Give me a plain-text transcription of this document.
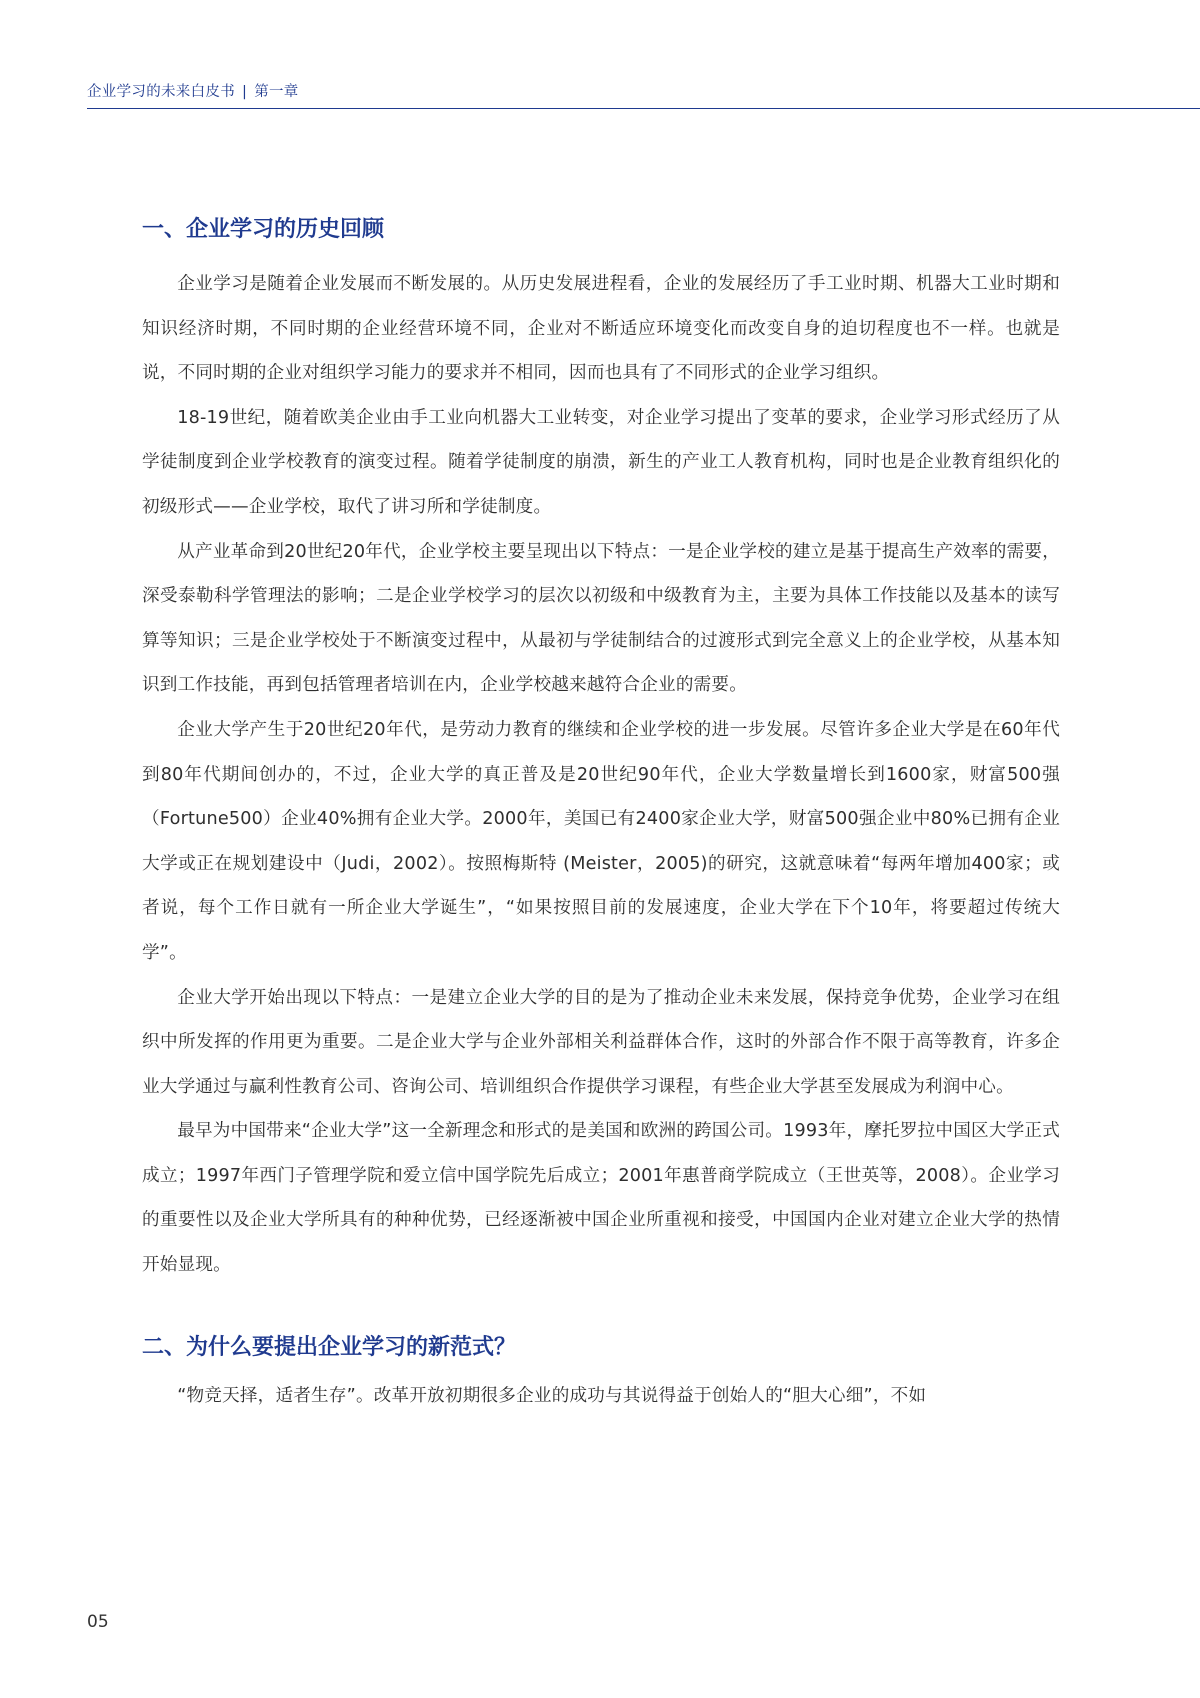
企业学习的未来白皮书 | 第一章
一、企业学习的历史回顾

企业学习是随着企业发展而不断发展的。从历史发展进程看，企业的发展经历了手工业时期、机器大工业时期和知识经济时期，不同时期的企业经营环境不同，企业对不断适应环境变化而改变自身的迫切程度也不一样。也就是说，不同时期的企业对组织学习能力的要求并不相同，因而也具有了不同形式的企业学习组织。

18-19世纪，随着欧美企业由手工业向机器大工业转变，对企业学习提出了变革的要求，企业学习形式经历了从学徒制度到企业学校教育的演变过程。随着学徒制度的崩溃，新生的产业工人教育机构，同时也是企业教育组织化的初级形式——企业学校，取代了讲习所和学徒制度。

从产业革命到20世纪20年代，企业学校主要呈现出以下特点：一是企业学校的建立是基于提高生产效率的需要，深受泰勒科学管理法的影响；二是企业学校学习的层次以初级和中级教育为主，主要为具体工作技能以及基本的读写算等知识；三是企业学校处于不断演变过程中，从最初与学徒制结合的过渡形式到完全意义上的企业学校，从基本知识到工作技能，再到包括管理者培训在内，企业学校越来越符合企业的需要。

企业大学产生于20世纪20年代，是劳动力教育的继续和企业学校的进一步发展。尽管许多企业大学是在60年代到80年代期间创办的，不过，企业大学的真正普及是20世纪90年代，企业大学数量增长到1600家，财富500强（Fortune500）企业40%拥有企业大学。2000年，美国已有2400家企业大学，财富500强企业中80%已拥有企业大学或正在规划建设中（Judi，2002）。按照梅斯特 (Meister，2005)的研究，这就意味着“每两年增加400家；或者说，每个工作日就有一所企业大学诞生”，“如果按照目前的发展速度，企业大学在下个10年，将要超过传统大学”。

企业大学开始出现以下特点：一是建立企业大学的目的是为了推动企业未来发展，保持竞争优势，企业学习在组织中所发挥的作用更为重要。二是企业大学与企业外部相关利益群体合作，这时的外部合作不限于高等教育，许多企业大学通过与赢利性教育公司、咨询公司、培训组织合作提供学习课程，有些企业大学甚至发展成为利润中心。

最早为中国带来“企业大学”这一全新理念和形式的是美国和欧洲的跨国公司。1993年，摩托罗拉中国区大学正式成立；1997年西门子管理学院和爱立信中国学院先后成立；2001年惠普商学院成立（王世英等，2008）。企业学习的重要性以及企业大学所具有的种种优势，已经逐渐被中国企业所重视和接受，中国国内企业对建立企业大学的热情开始显现。

二、为什么要提出企业学习的新范式？

“物竞天择，适者生存”。改革开放初期很多企业的成功与其说得益于创始人的“胆大心细”，不如

05
